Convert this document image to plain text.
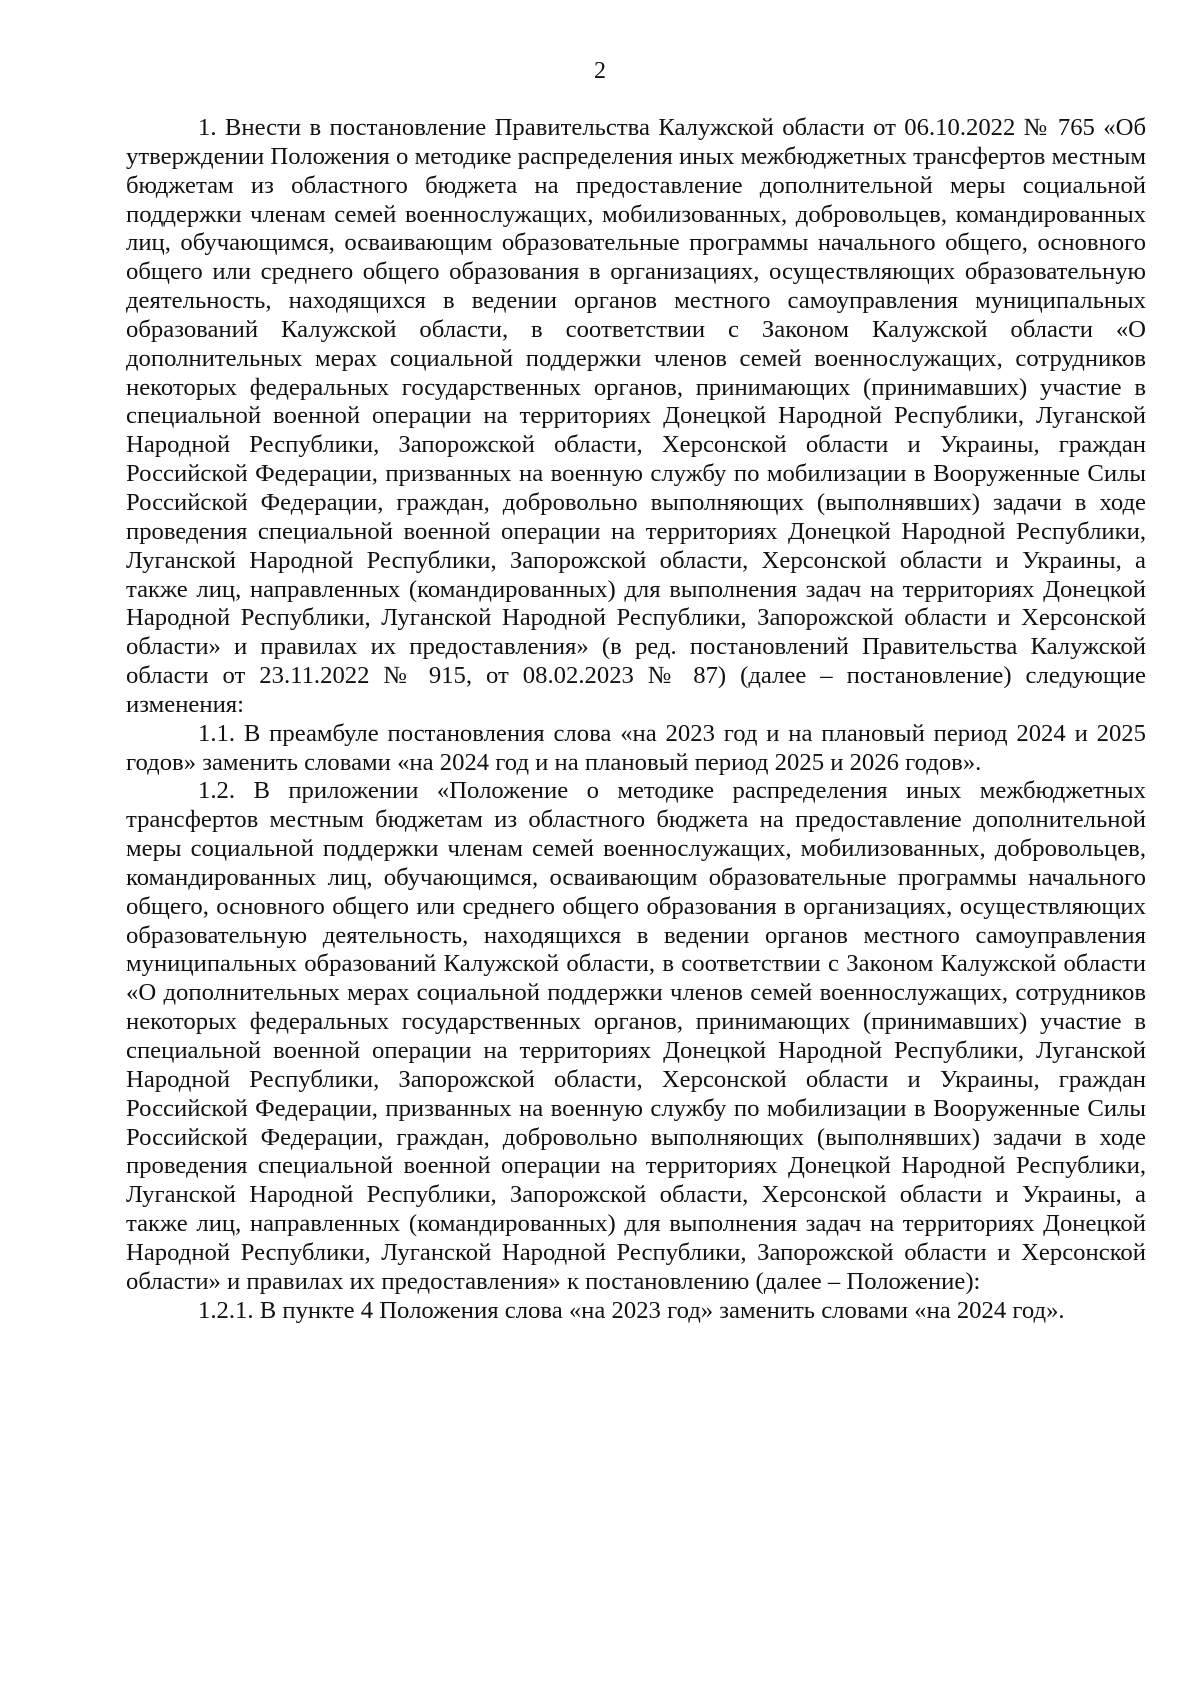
2

1. Внести в постановление Правительства Калужской области от 06.10.2022 № 765 «Об утверждении Положения о методике распределения иных межбюджетных трансфертов местным бюджетам из областного бюджета на предоставление дополнительной меры социальной поддержки членам семей военнослужащих, мобилизованных, добровольцев, командированных лиц, обучающимся, осваивающим образовательные программы начального общего, основного общего или среднего общего образования в организациях, осуществляющих образовательную деятельность, находящихся в ведении органов местного самоуправления муниципальных образований Калужской области, в соответствии с Законом Калужской области «О дополнительных мерах социальной поддержки членов семей военнослужащих, сотрудников некоторых федеральных государственных органов, принимающих (принимавших) участие в специальной военной операции на территориях Донецкой Народной Республики, Луганской Народной Республики, Запорожской области, Херсонской области и Украины, граждан Российской Федерации, призванных на военную службу по мобилизации в Вооруженные Силы Российской Федерации, граждан, добровольно выполняющих (выполнявших) задачи в ходе проведения специальной военной операции на территориях Донецкой Народной Республики, Луганской Народной Республики, Запорожской области, Херсонской области и Украины, а также лиц, направленных (командированных) для выполнения задач на территориях Донецкой Народной Республики, Луганской Народной Республики, Запорожской области и Херсонской области» и правилах их предоставления» (в ред. постановлений Правительства Калужской области от 23.11.2022 № 915, от 08.02.2023 № 87) (далее – постановление) следующие изменения:

1.1. В преамбуле постановления слова «на 2023 год и на плановый период 2024 и 2025 годов» заменить словами «на 2024 год и на плановый период 2025 и 2026 годов».

1.2. В приложении «Положение о методике распределения иных межбюджетных трансфертов местным бюджетам из областного бюджета на предоставление дополнительной меры социальной поддержки членам семей военнослужащих, мобилизованных, добровольцев, командированных лиц, обучающимся, осваивающим образовательные программы начального общего, основного общего или среднего общего образования в организациях, осуществляющих образовательную деятельность, находящихся в ведении органов местного самоуправления муниципальных образований Калужской области, в соответствии с Законом Калужской области «О дополнительных мерах социальной поддержки членов семей военнослужащих, сотрудников некоторых федеральных государственных органов, принимающих (принимавших) участие в специальной военной операции на территориях Донецкой Народной Республики, Луганской Народной Республики, Запорожской области, Херсонской области и Украины, граждан Российской Федерации, призванных на военную службу по мобилизации в Вооруженные Силы Российской Федерации, граждан, добровольно выполняющих (выполнявших) задачи в ходе проведения специальной военной операции на территориях Донецкой Народной Республики, Луганской Народной Республики, Запорожской области, Херсонской области и Украины, а также лиц, направленных (командированных) для выполнения задач на территориях Донецкой Народной Республики, Луганской Народной Республики, Запорожской области и Херсонской области» и правилах их предоставления» к постановлению (далее – Положение):

1.2.1. В пункте 4 Положения слова «на 2023 год» заменить словами «на 2024 год».
